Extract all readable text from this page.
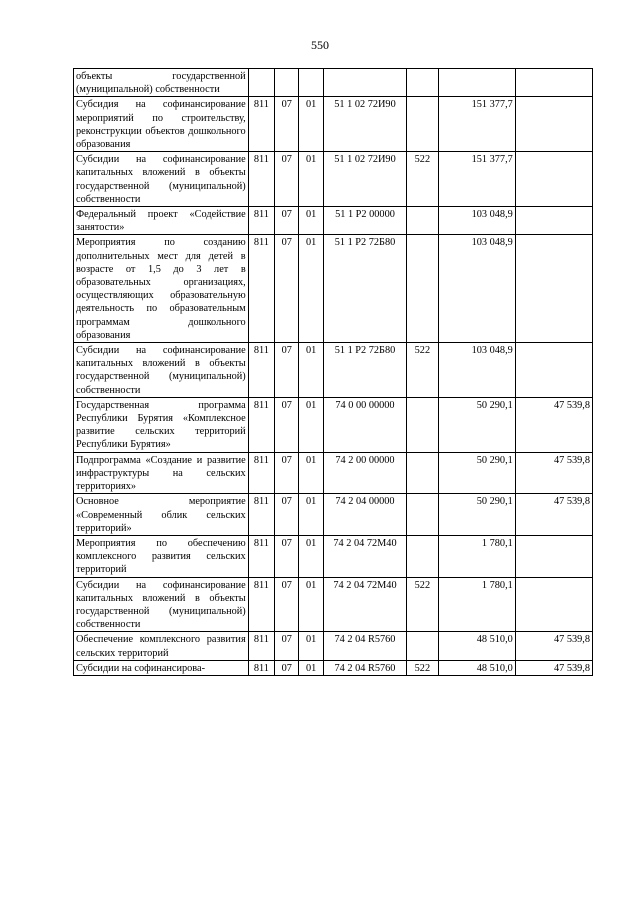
550
объекты государственной (муниципальной) собственности							
Субсидия на софинансирование мероприятий по строительству, реконструкции объектов дошкольного образования	811	07	01	51 1 02 72И90		151 377,7	
Субсидии на софинансирование капитальных вложений в объекты государственной (муниципальной) собственности	811	07	01	51 1 02 72И90	522	151 377,7	
Федеральный проект «Содействие занятости»	811	07	01	51 1 P2 00000		103 048,9	
Мероприятия по созданию дополнительных мест для детей в возрасте от 1,5 до 3 лет в образовательных организациях, осуществляющих образовательную деятельность по образовательным программам дошкольного образования	811	07	01	51 1 P2 72Б80		103 048,9	
Субсидии на софинансирование капитальных вложений в объекты государственной (муниципальной) собственности	811	07	01	51 1 P2 72Б80	522	103 048,9	
Государственная программа Республики Бурятия «Комплексное развитие сельских территорий Республики Бурятия»	811	07	01	74 0 00 00000		50 290,1	47 539,8
Подпрограмма «Создание и развитие инфраструктуры на сельских территориях»	811	07	01	74 2 00 00000		50 290,1	47 539,8
Основное мероприятие «Современный облик сельских территорий»	811	07	01	74 2 04 00000		50 290,1	47 539,8
Мероприятия по обеспечению комплексного развития сельских территорий	811	07	01	74 2 04 72М40		1 780,1	
Субсидии на софинансирование капитальных вложений в объекты государственной (муниципальной) собственности	811	07	01	74 2 04 72М40	522	1 780,1	
Обеспечение комплексного развития сельских территорий	811	07	01	74 2 04 R5760		48 510,0	47 539,8
Субсидии на софинансирова-	811	07	01	74 2 04 R5760	522	48 510,0	47 539,8
